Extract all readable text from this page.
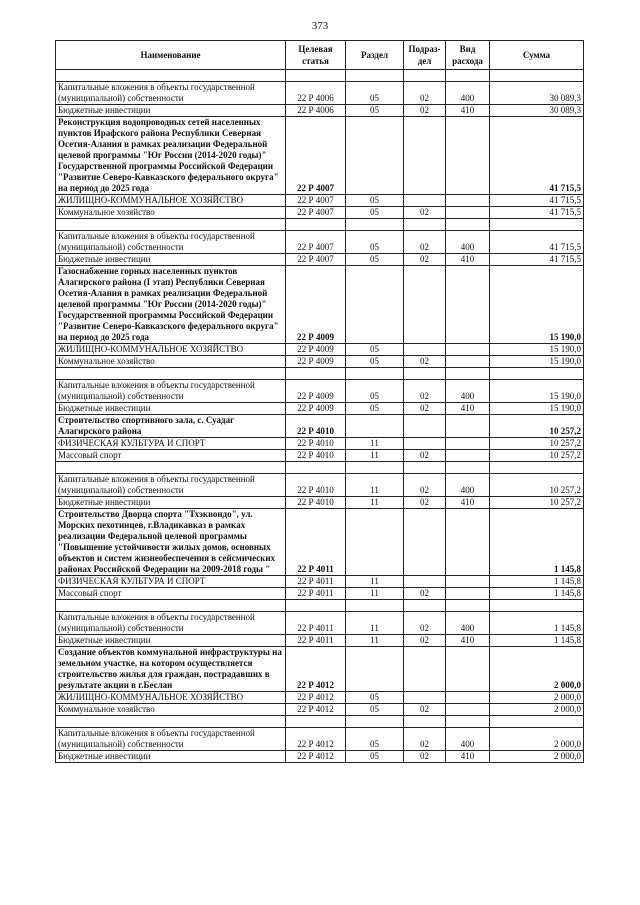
373
Наименование	Целевая статья	Раздел	Подраз- дел	Вид расхода	Сумма

Капитальные вложения в объекты государственной (муниципальной) собственности	22 Р 4006	05	02	400	30 089,3
Бюджетные инвестиции	22 Р 4006	05	02	410	30 089,3
Реконструкция водопроводных сетей населенных пунктов Ирафского района Республики Северная Осетия-Алания в рамках реализации Федеральной целевой программы "Юг России (2014-2020 годы)" Государственной программы Российской Федерации "Развитие Северо-Кавказского федерального округа" на период до 2025 года	22 Р 4007				41 715,5
ЖИЛИЩНО-КОММУНАЛЬНОЕ ХОЗЯЙСТВО	22 Р 4007	05			41 715,5
Коммунальное хозяйство	22 Р 4007	05	02		41 715,5

Капитальные вложения в объекты государственной (муниципальной) собственности	22 Р 4007	05	02	400	41 715,5
Бюджетные инвестиции	22 Р 4007	05	02	410	41 715,5
Газоснабжение горных населенных пунктов Алагирского района (I этап) Республики Северная Осетия-Алания в рамках реализации Федеральной целевой программы "Юг России (2014-2020 годы)" Государственной программы Российской Федерации "Развитие Северо-Кавказского федерального округа" на период до 2025 года	22 Р 4009				15 190,0
ЖИЛИЩНО-КОММУНАЛЬНОЕ ХОЗЯЙСТВО	22 Р 4009	05			15 190,0
Коммунальное хозяйство	22 Р 4009	05	02		15 190,0

Капитальные вложения в объекты государственной (муниципальной) собственности	22 Р 4009	05	02	400	15 190,0
Бюджетные инвестиции	22 Р 4009	05	02	410	15 190,0
Строительство спортивного зала, с. Суадаг Алагирского района	22 Р 4010				10 257,2
ФИЗИЧЕСКАЯ КУЛЬТУРА И СПОРТ	22 Р 4010	11			10 257,2
Массовый спорт	22 Р 4010	11	02		10 257,2

Капитальные вложения в объекты государственной (муниципальной) собственности	22 Р 4010	11	02	400	10 257,2
Бюджетные инвестиции	22 Р 4010	11	02	410	10 257,2
Строительство Дворца спорта "Тхэквондо", ул. Морских пехотинцев, г.Владикавказ в рамках реализации Федеральной целевой программы "Повышение устойчивости жилых домов, основных объектов и систем жизнеобеспечения в сейсмических районах Российской Федерации на 2009-2018 годы "	22 Р 4011				1 145,8
ФИЗИЧЕСКАЯ КУЛЬТУРА И СПОРТ	22 Р 4011	11			1 145,8
Массовый спорт	22 Р 4011	11	02		1 145,8

Капитальные вложения в объекты государственной (муниципальной) собственности	22 Р 4011	11	02	400	1 145,8
Бюджетные инвестиции	22 Р 4011	11	02	410	1 145,8
Создание объектов коммунальной инфраструктуры на земельном участке, на котором осуществляется строительство жилья для граждан, пострадавших в результате акции в г.Беслан	22 Р 4012				2 000,0
ЖИЛИЩНО-КОММУНАЛЬНОЕ ХОЗЯЙСТВО	22 Р 4012	05			2 000,0
Коммунальное хозяйство	22 Р 4012	05	02		2 000,0

Капитальные вложения в объекты государственной (муниципальной) собственности	22 Р 4012	05	02	400	2 000,0
Бюджетные инвестиции	22 Р 4012	05	02	410	2 000,0
